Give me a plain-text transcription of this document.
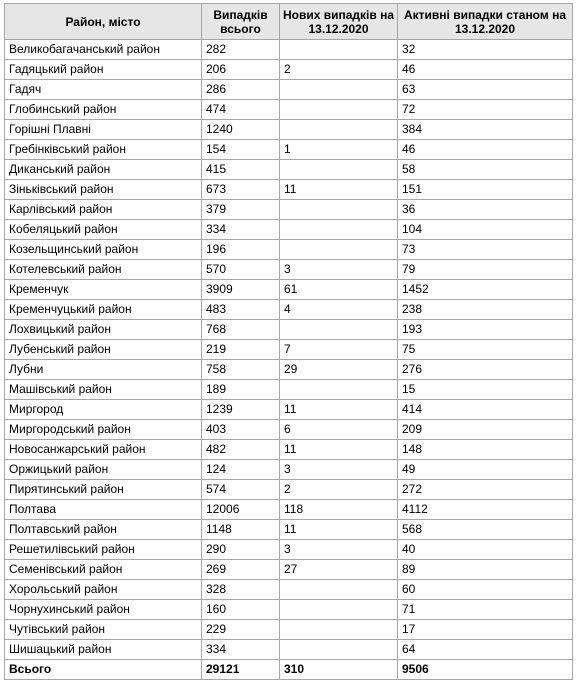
Район, місто	Випадків всього	Нових випадків на 13.12.2020	Активні випадки станом на 13.12.2020
Великобагачанський район	282		32
Гадяцький район	206	2	46
Гадяч	286		63
Глобинський район	474		72
Горішні Плавні	1240		384
Гребінківський район	154	1	46
Диканський район	415		58
Зіньківський район	673	11	151
Карлівський район	379		36
Кобеляцький район	334		104
Козельщинський район	196		73
Котелевський район	570	3	79
Кременчук	3909	61	1452
Кременчуцький район	483	4	238
Лохвицький район	768		193
Лубенський район	219	7	75
Лубни	758	29	276
Машівський район	189		15
Миргород	1239	11	414
Миргородський район	403	6	209
Новосанжарський район	482	11	148
Оржицький район	124	3	49
Пирятинський район	574	2	272
Полтава	12006	118	4112
Полтавський район	1148	11	568
Решетилівський район	290	3	40
Семенівський район	269	27	89
Хорольський район	328		60
Чорнухинський район	160		71
Чутівський район	229		17
Шишацький район	334		64
Всього	29121	310	9506
